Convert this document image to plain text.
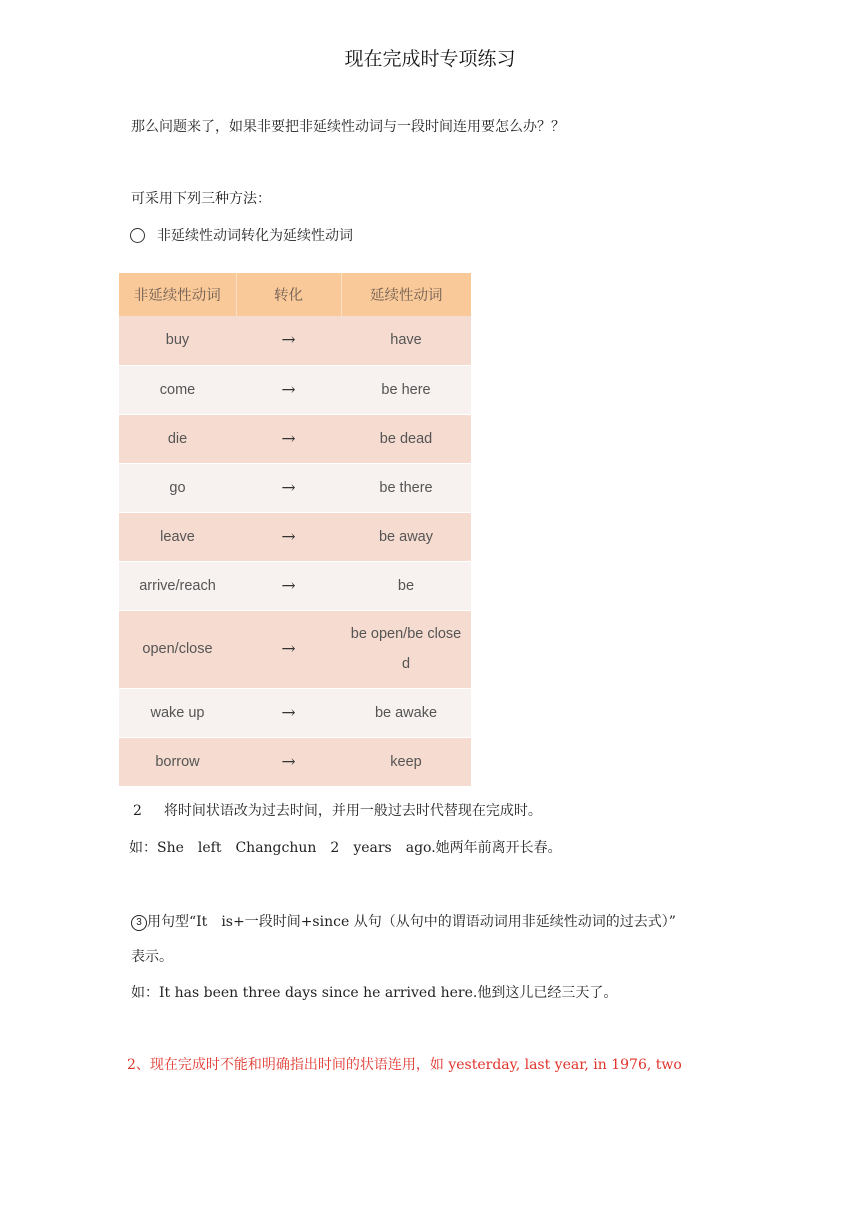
现在完成时专项练习
那么问题来了，如果非要把非延续性动词与一段时间连用要怎么办？？
可采用下列三种方法：
非延续性动词转化为延续性动词
非延续性动词	转化	延续性动词
buy	→	have
come	→	be here
die	→	be dead
go	→	be there
leave	→	be away
arrive/reach	→	be
open/close	→	be open/be closed
wake up	→	be awake
borrow	→	keep
2 将时间状语改为过去时间，并用一般过去时代替现在完成时。
如：She　left　Changchun　2　years　ago.她两年前离开长春。
3 用句型“It　is+一段时间+since 从句（从句中的谓语动词用非延续性动词的过去式）”
表示。
如：It has been three days since he arrived here.他到这儿已经三天了。
2、现在完成时不能和明确指出时间的状语连用，如 yesterday, last year, in 1976, two
